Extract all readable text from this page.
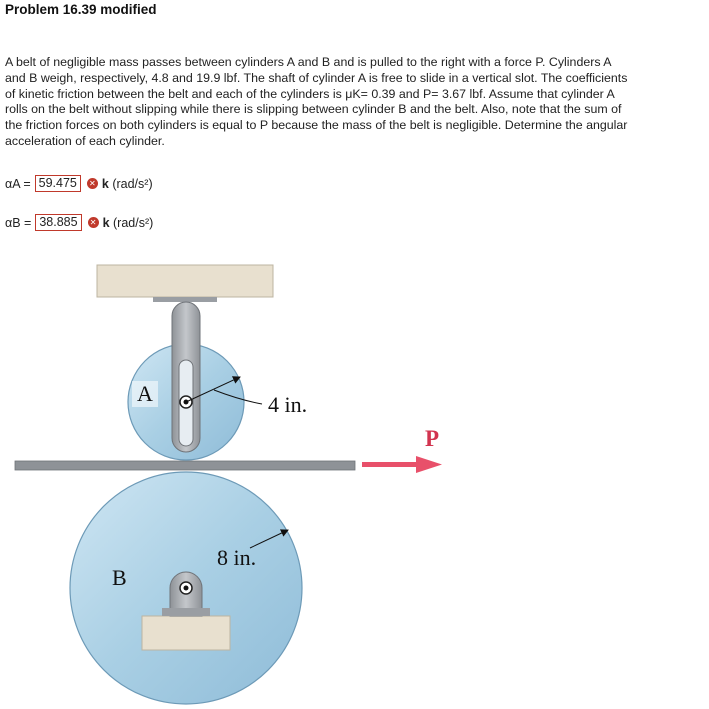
Problem 16.39 modified
A belt of negligible mass passes between cylinders A and B and is pulled to the right with a force P. Cylinders A
and B weigh, respectively, 4.8 and 19.9 lbf. The shaft of cylinder A is free to slide in a vertical slot. The coefficients
of kinetic friction between the belt and each of the cylinders is μK= 0.39 and P= 3.67 lbf. Assume that cylinder A
rolls on the belt without slipping while there is slipping between cylinder B and the belt. Also, note that the sum of
the friction forces on both cylinders is equal to P because the mass of the belt is negligible. Determine the angular
acceleration of each cylinder.
αA = 59.475	✕ k (rad/s²)
αB = 38.885	✕ k (rad/s²)
4 in.
A
8 in.
B
P
